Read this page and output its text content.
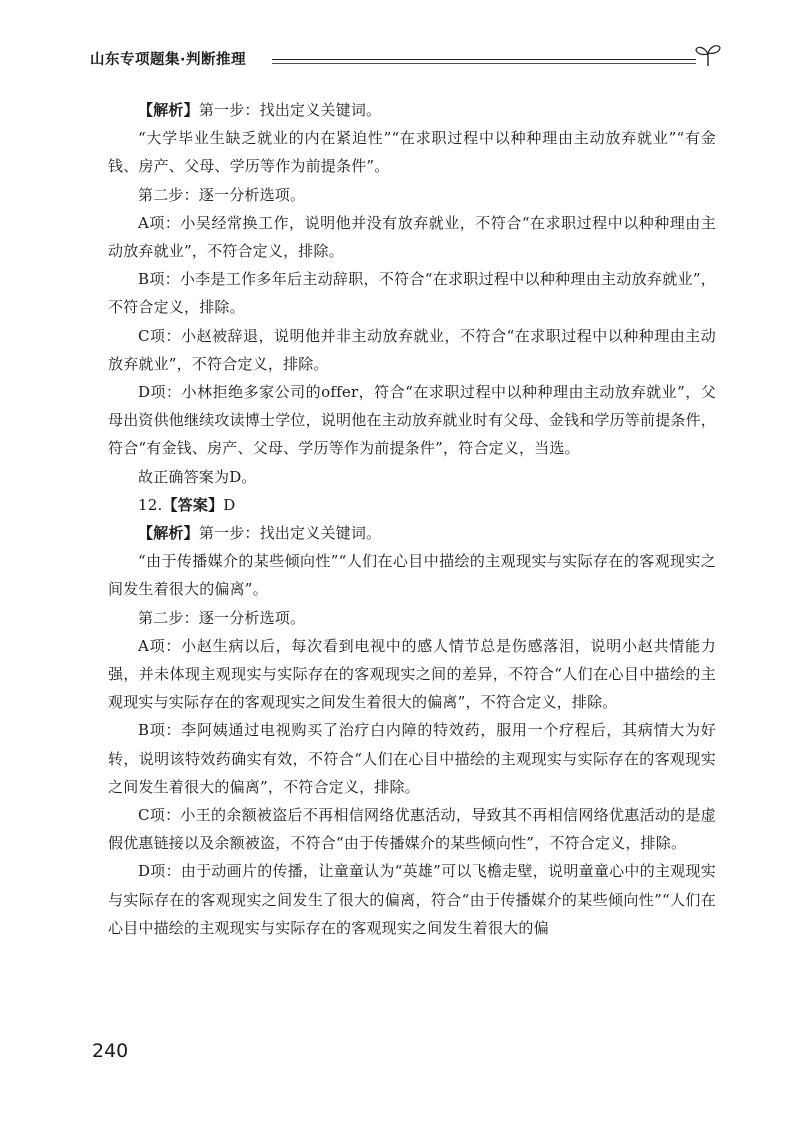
山东专项题集·判断推理

【解析】第一步：找出定义关键词。

“大学毕业生缺乏就业的内在紧迫性”“在求职过程中以种种理由主动放弃就业”“有金钱、房产、父母、学历等作为前提条件”。

第二步：逐一分析选项。

A项：小吴经常换工作，说明他并没有放弃就业，不符合“在求职过程中以种种理由主动放弃就业”，不符合定义，排除。

B项：小李是工作多年后主动辞职，不符合“在求职过程中以种种理由主动放弃就业”，不符合定义，排除。

C项：小赵被辞退，说明他并非主动放弃就业，不符合“在求职过程中以种种理由主动放弃就业”，不符合定义，排除。

D项：小林拒绝多家公司的offer，符合“在求职过程中以种种理由主动放弃就业”，父母出资供他继续攻读博士学位，说明他在主动放弃就业时有父母、金钱和学历等前提条件，符合“有金钱、房产、父母、学历等作为前提条件”，符合定义，当选。

故正确答案为D。

12.【答案】D

【解析】第一步：找出定义关键词。

“由于传播媒介的某些倾向性”“人们在心目中描绘的主观现实与实际存在的客观现实之间发生着很大的偏离”。

第二步：逐一分析选项。

A项：小赵生病以后，每次看到电视中的感人情节总是伤感落泪，说明小赵共情能力强，并未体现主观现实与实际存在的客观现实之间的差异，不符合“人们在心目中描绘的主观现实与实际存在的客观现实之间发生着很大的偏离”，不符合定义，排除。

B项：李阿姨通过电视购买了治疗白内障的特效药，服用一个疗程后，其病情大为好转，说明该特效药确实有效，不符合“人们在心目中描绘的主观现实与实际存在的客观现实之间发生着很大的偏离”，不符合定义，排除。

C项：小王的余额被盗后不再相信网络优惠活动，导致其不再相信网络优惠活动的是虚假优惠链接以及余额被盗，不符合“由于传播媒介的某些倾向性”，不符合定义，排除。

D项：由于动画片的传播，让童童认为“英雄”可以飞檐走壁，说明童童心中的主观现实与实际存在的客观现实之间发生了很大的偏离，符合“由于传播媒介的某些倾向性”“人们在心目中描绘的主观现实与实际存在的客观现实之间发生着很大的偏

240
